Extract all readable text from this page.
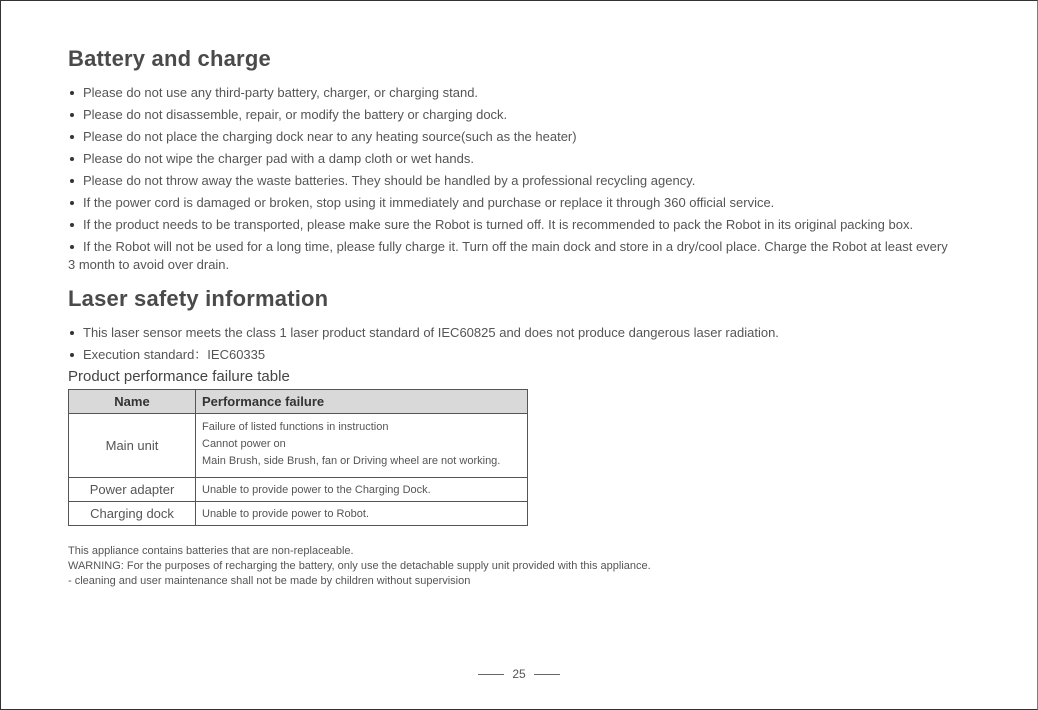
Battery and charge
Please do not use any third-party battery, charger, or charging stand.
Please do not disassemble, repair, or modify the battery or charging dock.
Please do not place the charging dock near to any heating source(such as the heater)
Please do not wipe the charger pad with a damp cloth or wet hands.
Please do not throw away the waste batteries. They should be handled by a professional recycling agency.
If the power cord is damaged or broken, stop using it immediately and purchase or replace it through 360 official service.
If the product needs to be transported, please make sure the Robot is turned off. It is recommended to pack the Robot in its original packing box.
If the Robot will not be used for a long time, please fully charge it. Turn off the main dock and store in a dry/cool place. Charge the Robot at least every 3 month to avoid over drain.
Laser safety information
This laser sensor meets the class 1 laser product standard of IEC60825 and does not produce dangerous laser radiation.
Execution standard：IEC60335
Product performance failure table
Name	Performance failure
Main unit	Failure of listed functions in instruction
Cannot power on
Main Brush, side Brush, fan or Driving wheel are not working.

Power adapter	Unable to provide power to the Charging Dock.
Charging dock	Unable to provide power to Robot.
This appliance contains batteries that are non-replaceable.
WARNING: For the purposes of recharging the battery, only use the detachable supply unit provided with this appliance.
- cleaning and user maintenance shall not be made by children without supervision
25
